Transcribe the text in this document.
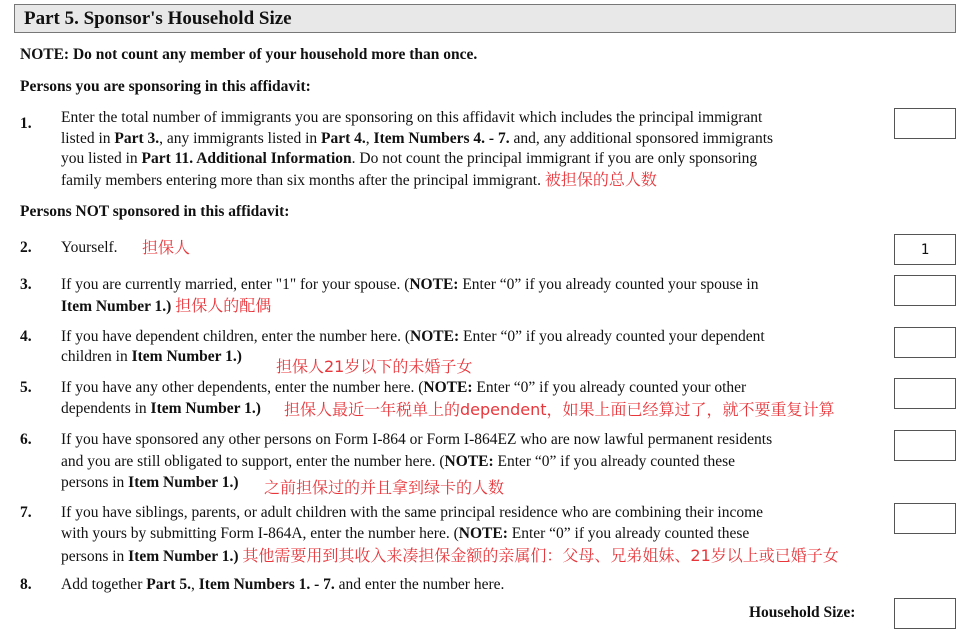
Part 5. Sponsor's Household Size
NOTE: Do not count any member of your household more than once.
Persons you are sponsoring in this affidavit:
1. Enter the total number of immigrants you are sponsoring on this affidavit which includes the principal immigrant
listed in Part 3., any immigrants listed in Part 4., Item Numbers 4. - 7. and, any additional sponsored immigrants
you listed in Part 11. Additional Information. Do not count the principal immigrant if you are only sponsoring
family members entering more than six months after the principal immigrant. 被担保的总人数
Persons NOT sponsored in this affidavit:
2. Yourself. 担保人	1
3. If you are currently married, enter "1" for your spouse. (NOTE: Enter “0” if you already counted your spouse in
Item Number 1.) 担保人的配偶
4. If you have dependent children, enter the number here. (NOTE: Enter “0” if you already counted your dependent
children in Item Number 1.)
担保人21岁以下的未婚子女
5. If you have any other dependents, enter the number here. (NOTE: Enter “0” if you already counted your other
dependents in Item Number 1.) 担保人最近一年税单上的dependent，如果上面已经算过了，就不要重复计算
6. If you have sponsored any other persons on Form I-864 or Form I-864EZ who are now lawful permanent residents
and you are still obligated to support, enter the number here. (NOTE: Enter “0” if you already counted these
persons in Item Number 1.) 之前担保过的并且拿到绿卡的人数
7. If you have siblings, parents, or adult children with the same principal residence who are combining their income
with yours by submitting Form I-864A, enter the number here. (NOTE: Enter “0” if you already counted these
persons in Item Number 1.) 其他需要用到其收入来凑担保金额的亲属们：父母、兄弟姐妹、21岁以上或已婚子女
8. Add together Part 5., Item Numbers 1. - 7. and enter the number here.
Household Size:
